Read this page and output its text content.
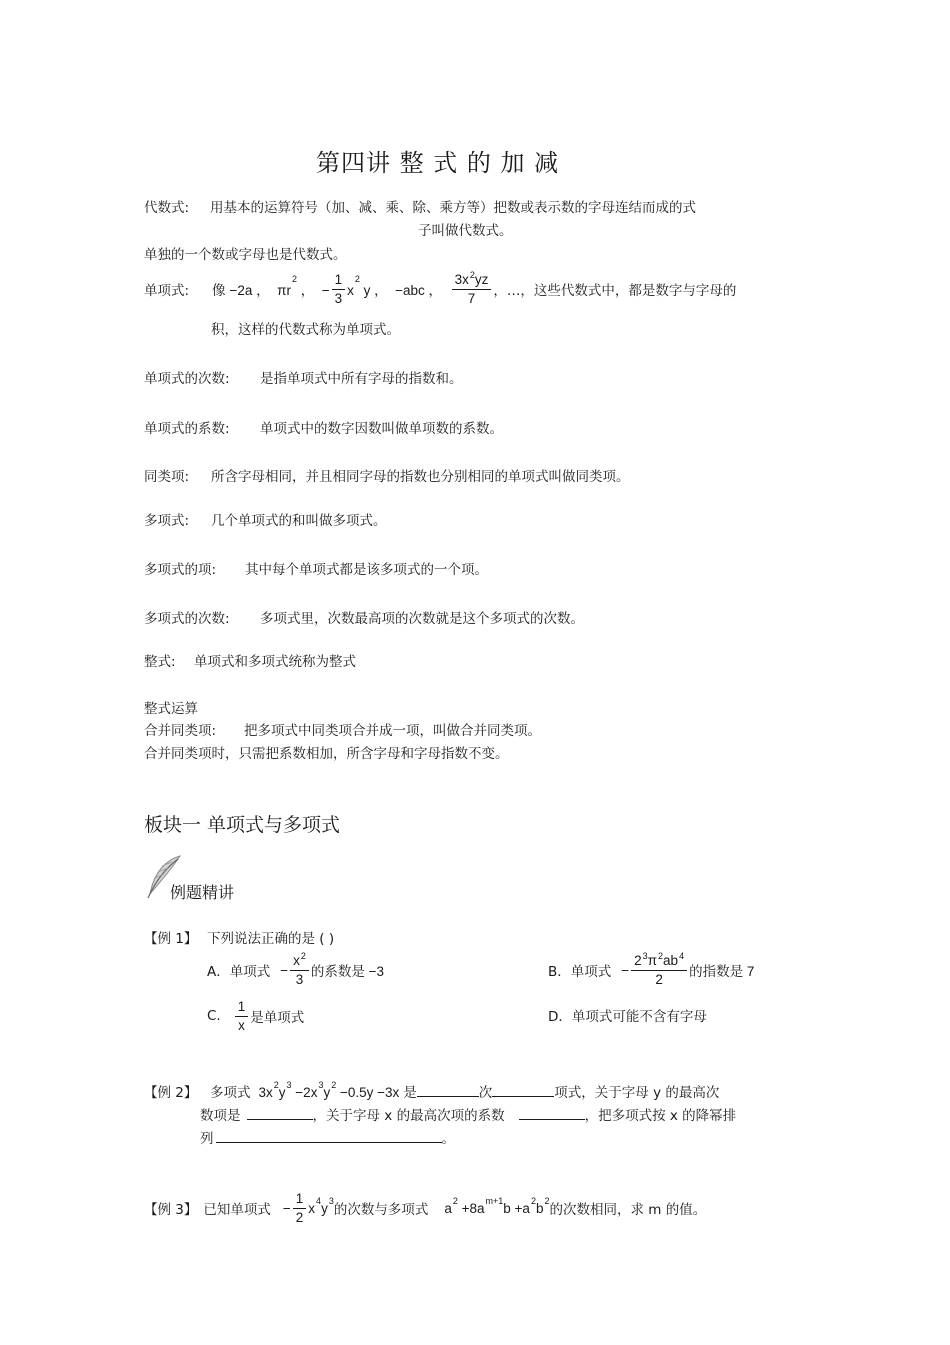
第四讲 整 式 的 加 减
代数式: 用基本的运算符号（加、减、乘、除、乘方等）把数或表示数的字母连结而成的式
子叫做代数式。
单独的一个数或字母也是代数式。
单项式: 像 −2a ，  $\pi r^2$ ，  − $\frac{1}{3} x^2$ y ，  −abc ， $\frac{3x^2yz}{7}$ ，…，这些代数式中，都是数字与字母的
积，这样的代数式称为单项式。
单项式的次数: 是指单项式中所有字母的指数和。
单项式的系数: 单项式中的数字因数叫做单项数的系数。
同类项: 所含字母相同，并且相同字母的指数也分别相同的单项式叫做同类项。
多项式: 几个单项式的和叫做多项式。
多项式的项: 其中每个单项式都是该多项式的一个项。
多项式的次数: 多项式里，次数最高项的次数就是这个多项式的次数。
整式: 单项式和多项式统称为整式
整式运算
合并同类项: 把多项式中同类项合并成一项，叫做合并同类项。
合并同类项时，只需把系数相加，所含字母和字母指数不变。
板块一 单项式与多项式
例题精讲
【例 1】 下列说法正确的是 ( )
A．单项式 − $\frac{x^2}{3}$ 的系数是 −3	B．单项式 − $\frac{2^3\pi^2ab^4}{2}$ 的指数是 7
C. $\frac{1}{x}$ 是单项式	D．单项式可能不含有字母
【例 2】 多项式 $3x^2y^3 -2x^3y^2 -0.5y -3x$ 是	次	项式，关于字母 y 的最高次
数项是	，关于字母 x 的最高次项的系数	，把多项式按 x 的降幂排
列	。
【例 3】 已知单项式 − $\frac{1}{2} x^4y^3$
的次数与多项式 $a^2 +8a^{m+1}b +a^2b^2$
的次数相同，求 m 的值。
